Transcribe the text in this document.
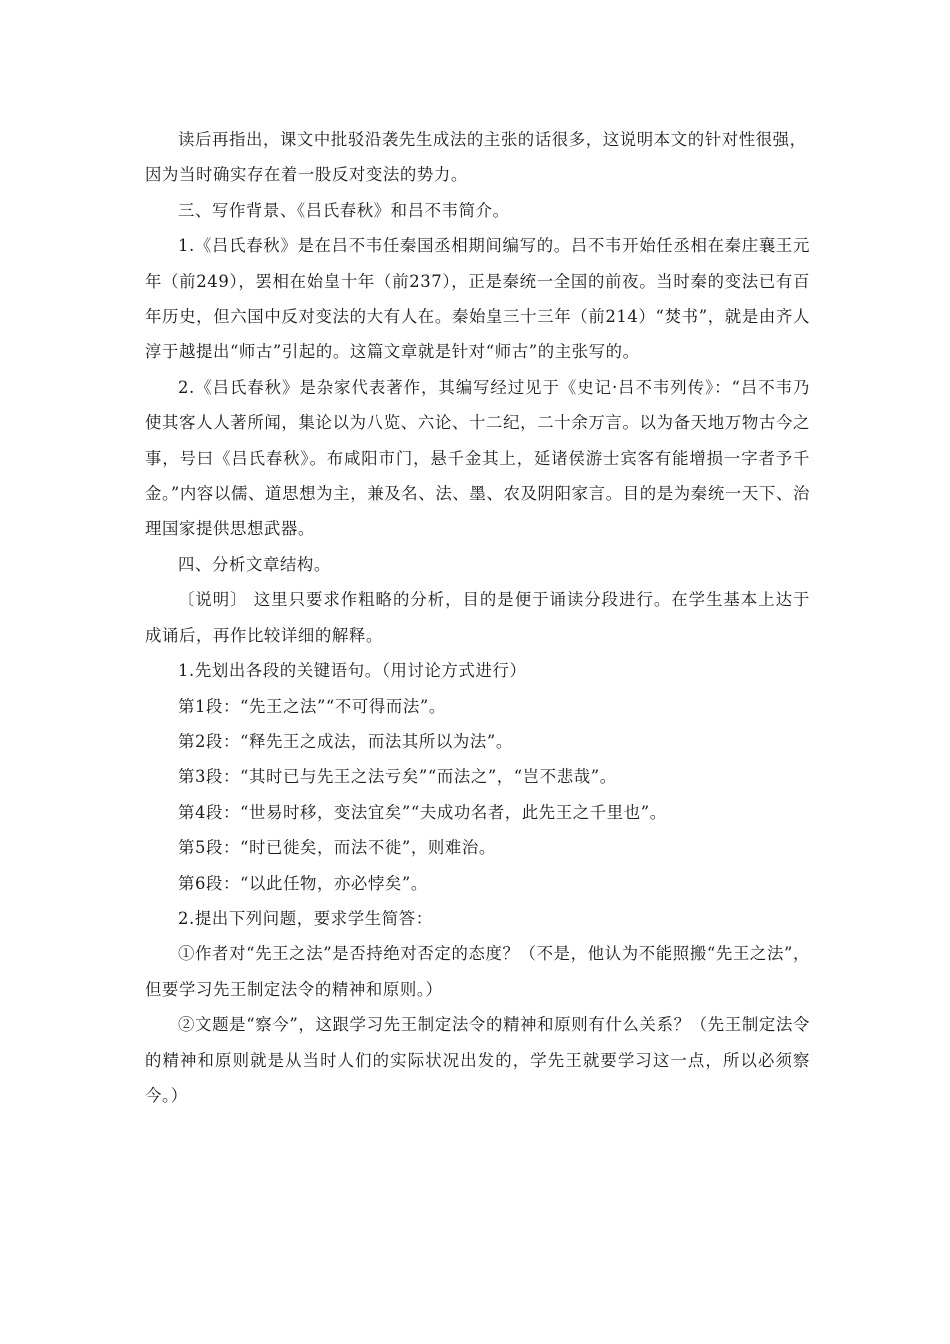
读后再指出，课文中批驳沿袭先生成法的主张的话很多，这说明本文的针对性很强，

因为当时确实存在着一股反对变法的势力。

三、写作背景、《吕氏春秋》和吕不韦简介。

1.《吕氏春秋》是在吕不韦任秦国丞相期间编写的。吕不韦开始任丞相在秦庄襄王元年（前249），罢相在始皇十年（前237），正是秦统一全国的前夜。当时秦的变法已有百年历史，但六国中反对变法的大有人在。秦始皇三十三年（前214）“焚书”，就是由齐人淳于越提出“师古”引起的。这篇文章就是针对“师古”的主张写的。

2.《吕氏春秋》是杂家代表著作，其编写经过见于《史记·吕不韦列传》：“吕不韦乃使其客人人著所闻，集论以为八览、六论、十二纪，二十余万言。以为备天地万物古今之事，号曰《吕氏春秋》。布咸阳市门，悬千金其上，延诸侯游士宾客有能增损一字者予千金。”内容以儒、道思想为主，兼及名、法、墨、农及阴阳家言。目的是为秦统一天下、治理国家提供思想武器。

四、分析文章结构。

〔说明〕 这里只要求作粗略的分析，目的是便于诵读分段进行。在学生基本上达于成诵后，再作比较详细的解释。

1.先划出各段的关键语句。（用讨论方式进行）

第1段：“先王之法”“不可得而法”。

第2段：“释先王之成法，而法其所以为法”。

第3段：“其时已与先王之法亏矣”“而法之”，“岂不悲哉”。

第4段：“世易时移，变法宜矣”“夫成功名者，此先王之千里也”。

第5段：“时已徙矣，而法不徙”，则难治。

第6段：“以此任物，亦必悖矣”。

2.提出下列问题，要求学生简答：

①作者对“先王之法”是否持绝对否定的态度？（不是，他认为不能照搬“先王之法”，但要学习先王制定法令的精神和原则。）

②文题是“察今”，这跟学习先王制定法令的精神和原则有什么关系？（先王制定法令的精神和原则就是从当时人们的实际状况出发的，学先王就要学习这一点，所以必须察今。）
